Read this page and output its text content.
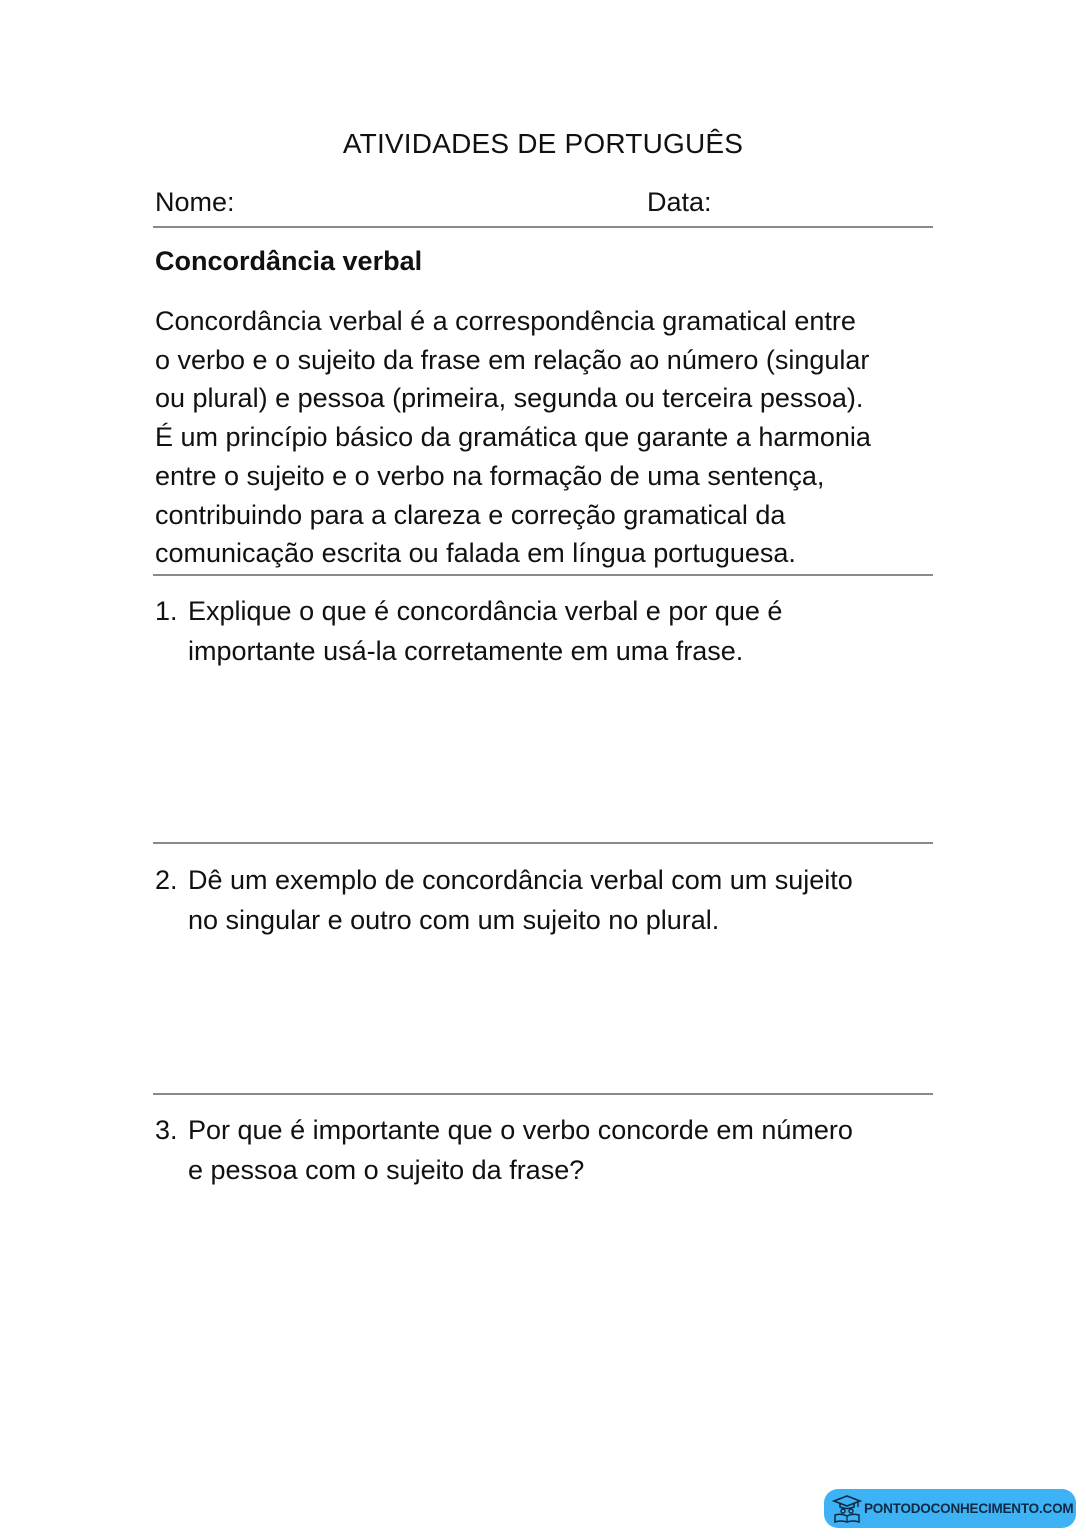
ATIVIDADES DE PORTUGUÊS
Nome:	Data:
Concordância verbal
Concordância verbal é a correspondência gramatical entre
o verbo e o sujeito da frase em relação ao número (singular
ou plural) e pessoa (primeira, segunda ou terceira pessoa).
É um princípio básico da gramática que garante a harmonia
entre o sujeito e o verbo na formação de uma sentença,
contribuindo para a clareza e correção gramatical da
comunicação escrita ou falada em língua portuguesa.
1. Explique o que é concordância verbal e por que é
importante usá-la corretamente em uma frase.
2. Dê um exemplo de concordância verbal com um sujeito
no singular e outro com um sujeito no plural.
3. Por que é importante que o verbo concorde em número
e pessoa com o sujeito da frase?
PONTODOCONHECIMENTO.COM
